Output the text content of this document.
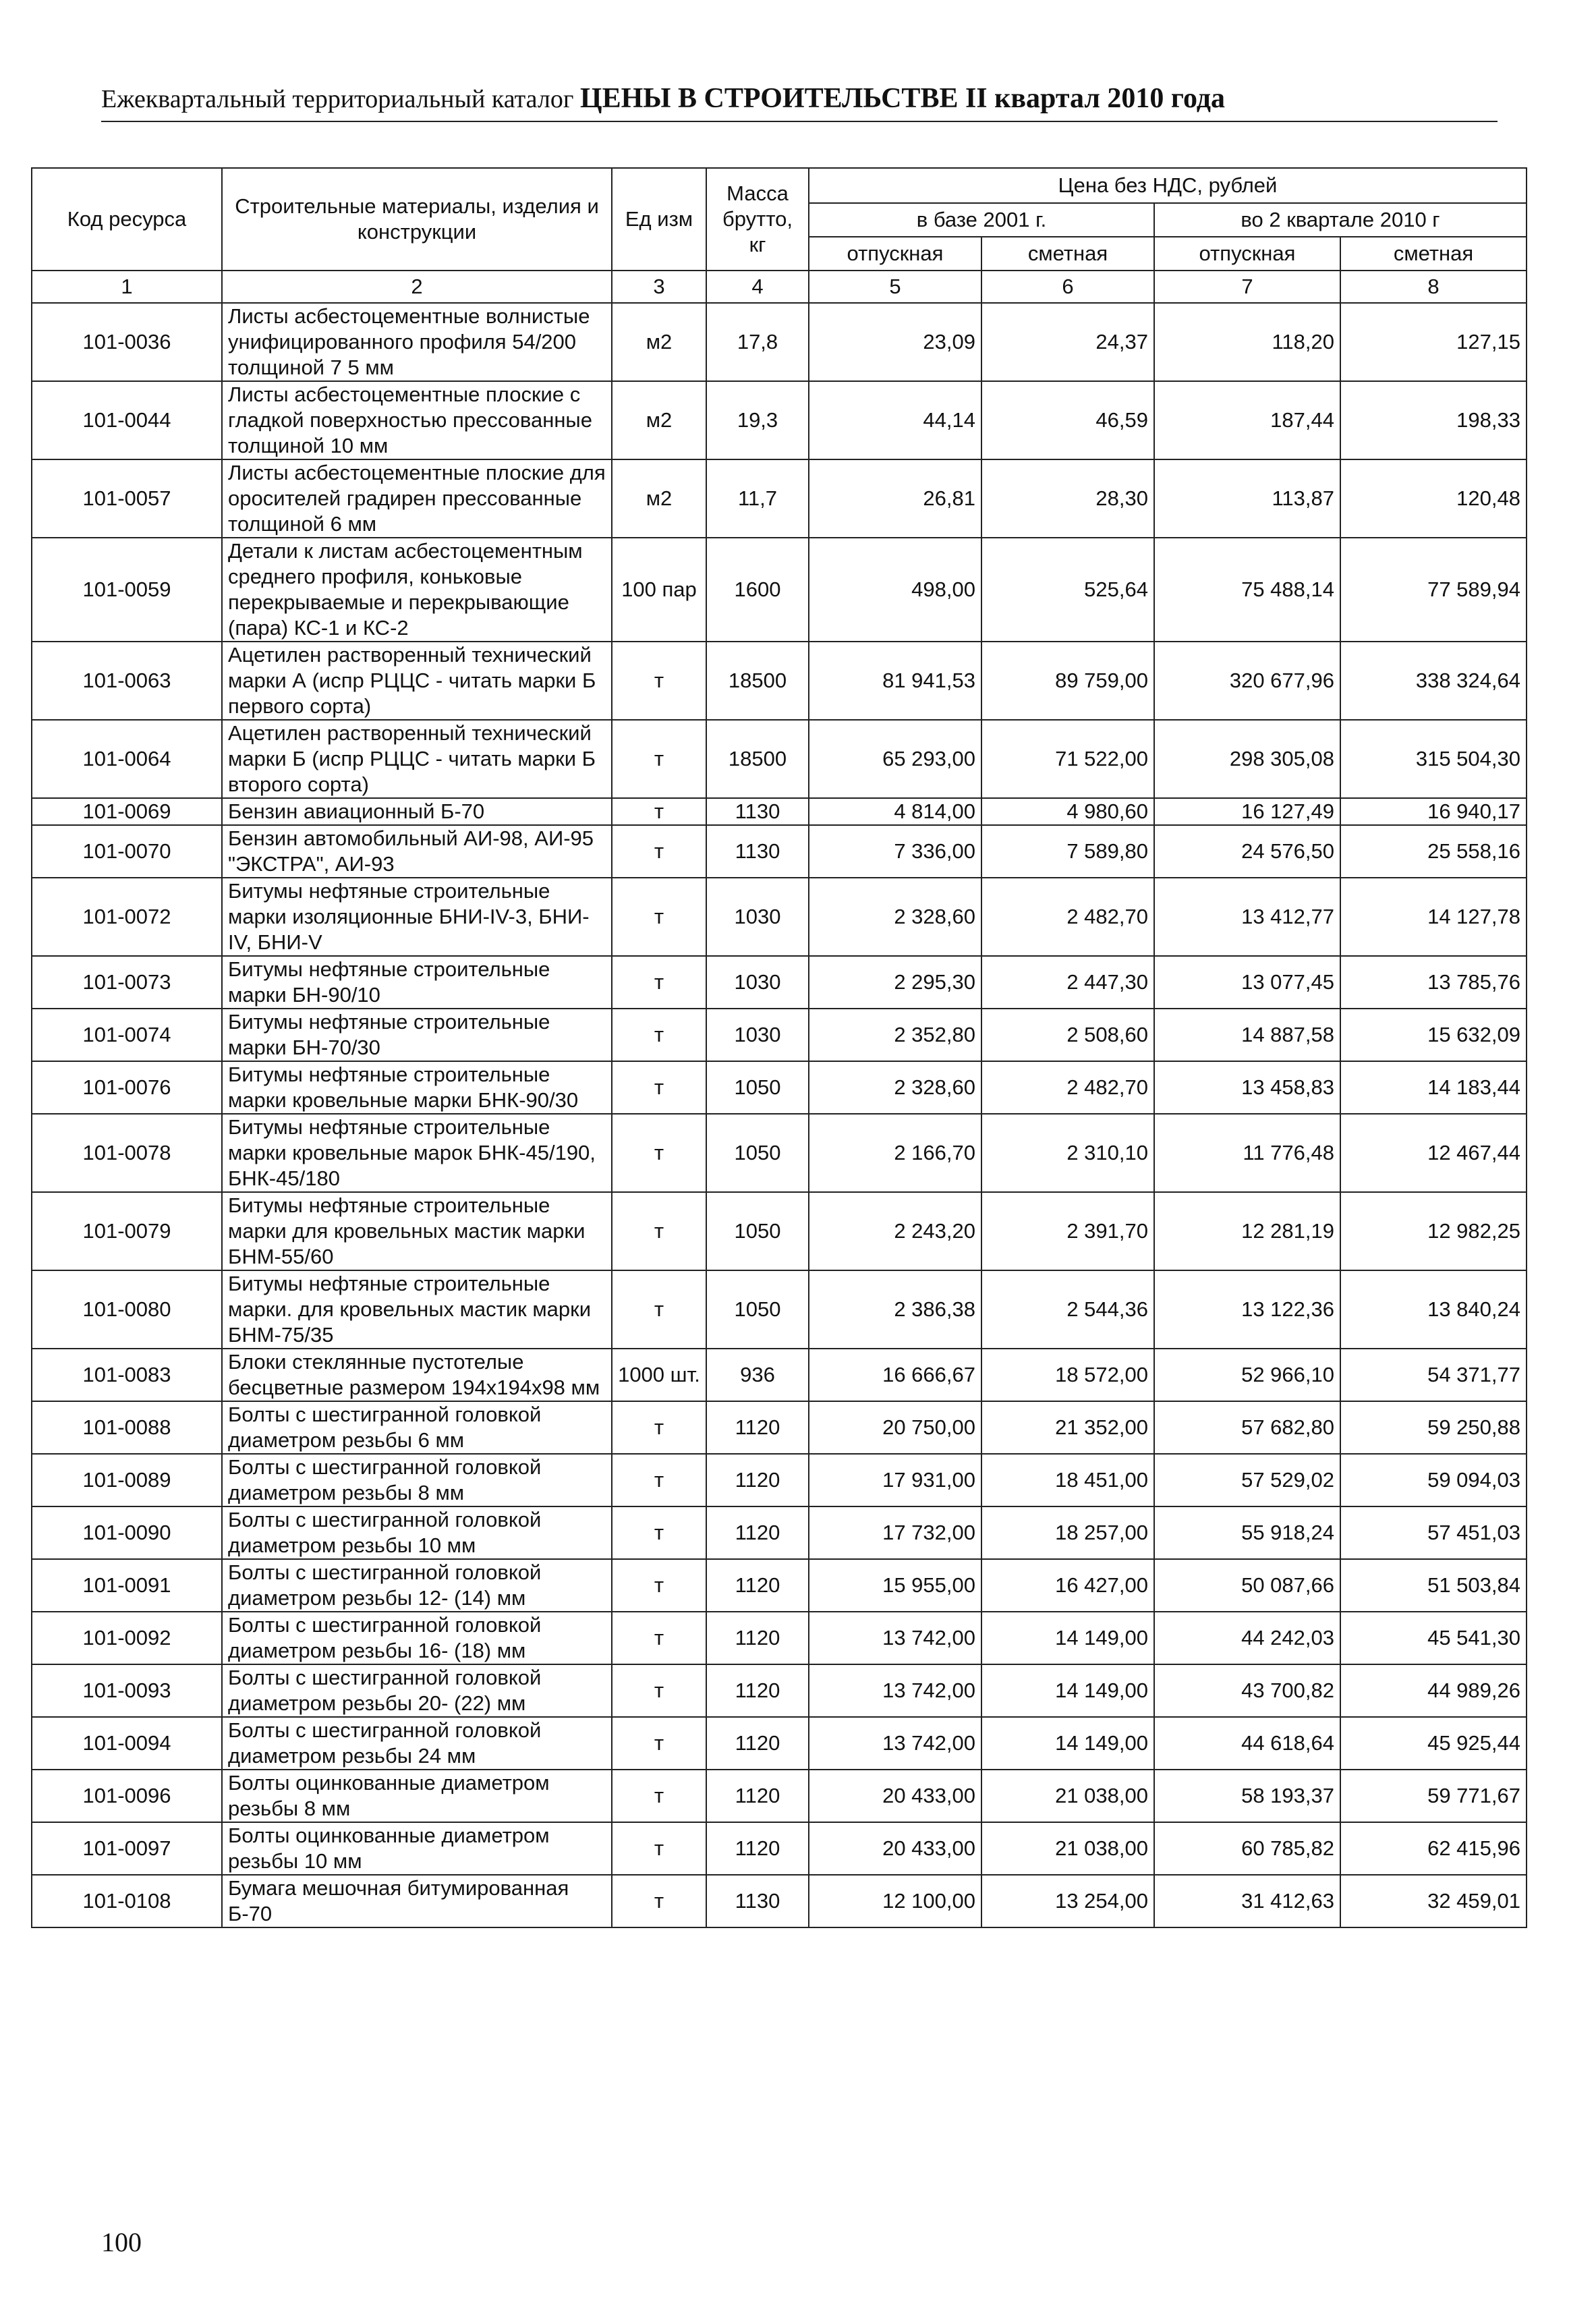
Ежеквартальный территориальный каталог ЦЕНЫ В СТРОИТЕЛЬСТВЕ II квартал 2010 года
Код ресурса	Строительные материалы, изделия и конструкции	Ед изм	Масса брутто, кг	Цена без НДС, рублей			
				в базе 2001 г.		во 2 квартале 2010 г	
				отпускная	сметная	отпускная	сметная
1	2	3	4	5	6	7	8
101-0036	Листы асбестоцементные волнистые унифицированного профиля 54/200 толщиной 7 5 мм	м2	17,8	23,09	24,37	118,20	127,15
101-0044	Листы асбестоцементные плоские с гладкой поверхностью прессованные толщиной 10 мм	м2	19,3	44,14	46,59	187,44	198,33
101-0057	Листы асбестоцементные плоские для оросителей градирен прессованные толщиной 6 мм	м2	11,7	26,81	28,30	113,87	120,48
101-0059	Детали к листам асбестоцементным среднего профиля, коньковые перекрываемые и перекрывающие (пара) КС-1 и КС-2	100 пар	1600	498,00	525,64	75 488,14	77 589,94
101-0063	Ацетилен растворенный технический марки А (испр РЦЦС - читать марки Б первого сорта)	т	18500	81 941,53	89 759,00	320 677,96	338 324,64
101-0064	Ацетилен растворенный технический марки Б (испр РЦЦС - читать марки Б второго сорта)	т	18500	65 293,00	71 522,00	298 305,08	315 504,30
101-0069	Бензин авиационный Б-70	т	1130	4 814,00	4 980,60	16 127,49	16 940,17
101-0070	Бензин автомобильный АИ-98, АИ-95 "ЭКСТРА", АИ-93	т	1130	7 336,00	7 589,80	24 576,50	25 558,16
101-0072	Битумы нефтяные строительные марки изоляционные БНИ-IV-3, БНИ-IV, БНИ-V	т	1030	2 328,60	2 482,70	13 412,77	14 127,78
101-0073	Битумы нефтяные строительные марки БН-90/10	т	1030	2 295,30	2 447,30	13 077,45	13 785,76
101-0074	Битумы нефтяные строительные марки БН-70/30	т	1030	2 352,80	2 508,60	14 887,58	15 632,09
101-0076	Битумы нефтяные строительные марки кровельные марки БНК-90/30	т	1050	2 328,60	2 482,70	13 458,83	14 183,44
101-0078	Битумы нефтяные строительные марки кровельные марок БНК-45/190, БНК-45/180	т	1050	2 166,70	2 310,10	11 776,48	12 467,44
101-0079	Битумы нефтяные строительные марки для кровельных мастик марки БНМ-55/60	т	1050	2 243,20	2 391,70	12 281,19	12 982,25
101-0080	Битумы нефтяные строительные марки. для кровельных мастик марки БНМ-75/35	т	1050	2 386,38	2 544,36	13 122,36	13 840,24
101-0083	Блоки стеклянные пустотелые бесцветные размером 194х194х98 мм	1000 шт.	936	16 666,67	18 572,00	52 966,10	54 371,77
101-0088	Болты с шестигранной головкой диаметром резьбы 6 мм	т	1120	20 750,00	21 352,00	57 682,80	59 250,88
101-0089	Болты с шестигранной головкой диаметром резьбы 8 мм	т	1120	17 931,00	18 451,00	57 529,02	59 094,03
101-0090	Болты с шестигранной головкой диаметром резьбы 10 мм	т	1120	17 732,00	18 257,00	55 918,24	57 451,03
101-0091	Болты с шестигранной головкой диаметром резьбы 12- (14) мм	т	1120	15 955,00	16 427,00	50 087,66	51 503,84
101-0092	Болты с шестигранной головкой диаметром резьбы 16- (18) мм	т	1120	13 742,00	14 149,00	44 242,03	45 541,30
101-0093	Болты с шестигранной головкой диаметром резьбы 20- (22) мм	т	1120	13 742,00	14 149,00	43 700,82	44 989,26
101-0094	Болты с шестигранной головкой диаметром резьбы 24 мм	т	1120	13 742,00	14 149,00	44 618,64	45 925,44
101-0096	Болты оцинкованные диаметром резьбы 8 мм	т	1120	20 433,00	21 038,00	58 193,37	59 771,67
101-0097	Болты оцинкованные диаметром резьбы 10 мм	т	1120	20 433,00	21 038,00	60 785,82	62 415,96
101-0108	Бумага мешочная битумированная Б-70	т	1130	12 100,00	13 254,00	31 412,63	32 459,01
100
